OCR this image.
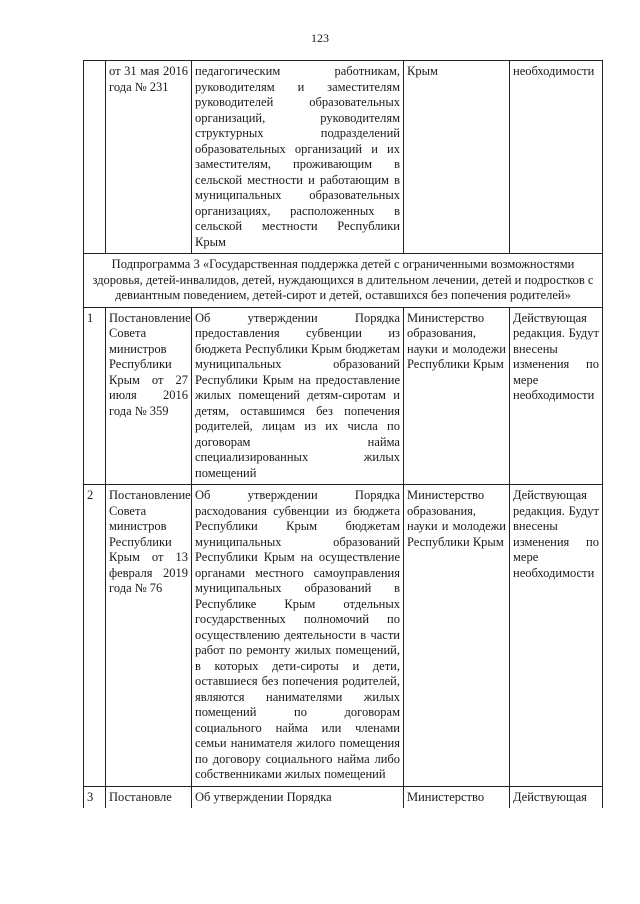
123
	от 31 мая 2016 года № 231	педагогическим работникам, руководителям и заместителям руководителей образовательных организаций, руководителям структурных подразделений образовательных организаций и их заместителям, проживающим в сельской местности и работающим в муниципальных образовательных организациях, расположенных в сельской местности Республики Крым	Крым	необходимости
Подпрограмма 3 «Государственная поддержка детей с ограниченными возможностями здоровья, детей-инвалидов, детей, нуждающихся в длительном лечении, детей и подростков с девиантным поведением, детей-сирот и детей, оставшихся без попечения родителей»				
1	Постановление Совета министров Республики Крым от 27 июля 2016 года № 359	Об утверждении Порядка предоставления субвенции из бюджета Республики Крым бюджетам муниципальных образований Республики Крым на предоставление жилых помещений детям-сиротам и детям, оставшимся без попечения родителей, лицам из их числа по договорам найма специализированных жилых помещений	Министерство образования, науки и молодежи Республики Крым	Действующая редакция. Будут внесены изменения по мере необходимости
2	Постановление Совета министров Республики Крым от 13 февраля 2019 года № 76	Об утверждении Порядка расходования субвенции из бюджета Республики Крым бюджетам муниципальных образований Республики Крым на осуществление органами местного самоуправления муниципальных образований в Республике Крым отдельных государственных полномочий по осуществлению деятельности в части работ по ремонту жилых помещений, в которых дети-сироты и дети, оставшиеся без попечения родителей, являются нанимателями жилых помещений по договорам социального найма или членами семьи нанимателя жилого помещения по договору социального найма либо собственниками жилых помещений	Министерство образования, науки и молодежи Республики Крым	Действующая редакция. Будут внесены изменения по мере необходимости
3	Постановле	Об утверждении Порядка	Министерство	Действующая
